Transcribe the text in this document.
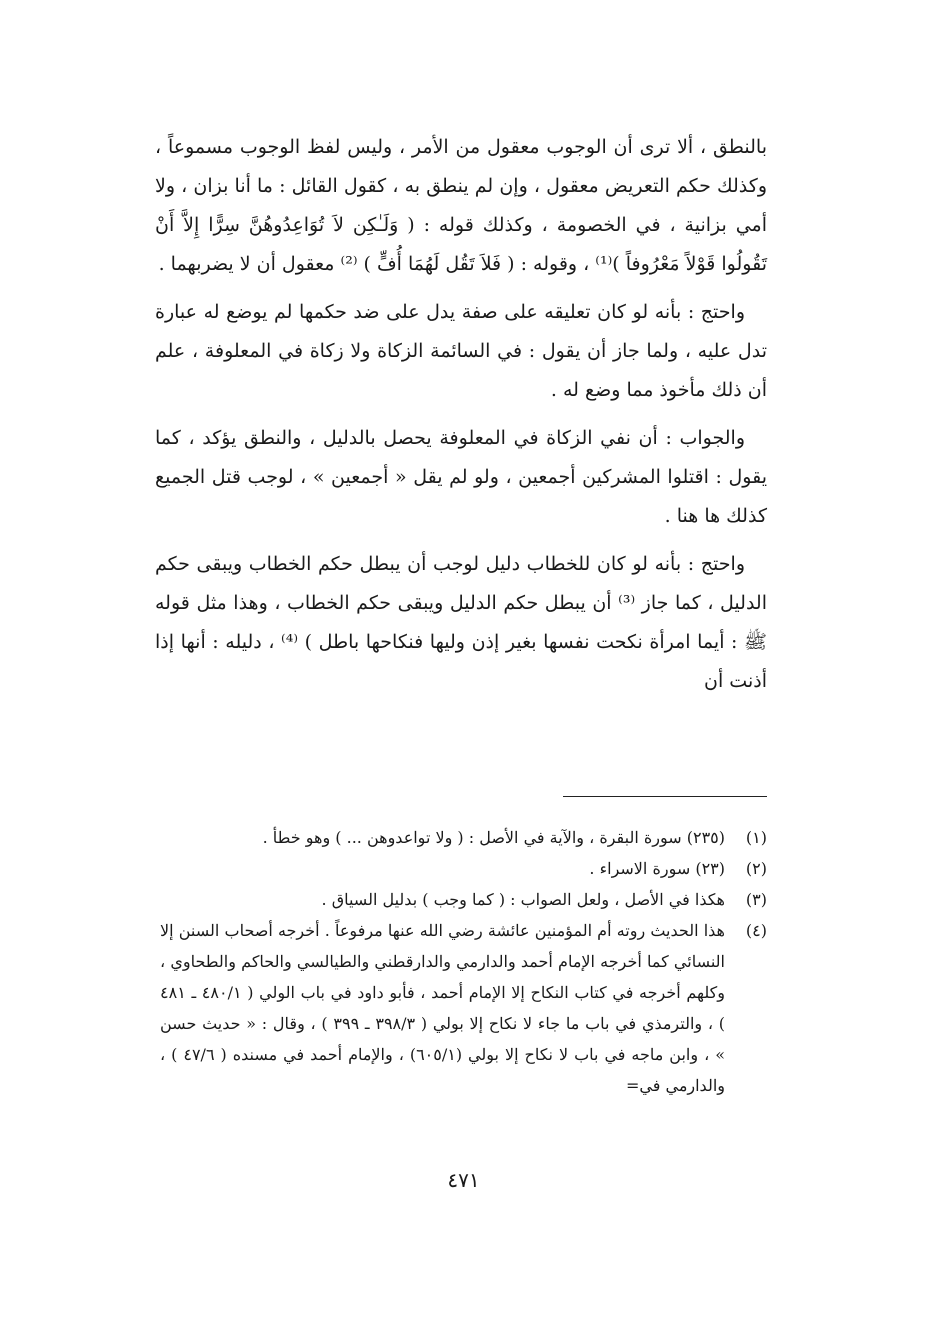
بالنطق ، ألا ترى أن الوجوب معقول من الأمر ، وليس لفظ الوجوب مسموعاً ، وكذلك حكم التعريض معقول ، وإن لم ينطق به ، كقول القائل : ما أنا بزان ، ولا أمي بزانية ، في الخصومة ، وكذلك قوله : ( وَلَـٰكِن لاَ تُوَاعِدُوهُنَّ سِرًّا إِلاَّ أَنْ تَقُولُوا قَوْلاً مَعْرُوفاً )⁽¹⁾ ، وقوله : ( فَلاَ تَقُل لَهُمَا أُفٍّ ) ⁽²⁾ معقول أن لا يضربهما .

واحتج : بأنه لو كان تعليقه على صفة يدل على ضد حكمها لم يوضع له عبارة تدل عليه ، ولما جاز أن يقول : في السائمة الزكاة ولا زكاة في المعلوفة ، علم أن ذلك مأخوذ مما وضع له .

والجواب : أن نفي الزكاة في المعلوفة يحصل بالدليل ، والنطق يؤكد ، كما يقول : اقتلوا المشركين أجمعين ، ولو لم يقل « أجمعين » ، لوجب قتل الجميع كذلك ها هنا .

واحتج : بأنه لو كان للخطاب دليل لوجب أن يبطل حكم الخطاب ويبقى حكم الدليل ، كما جاز ⁽³⁾ أن يبطل حكم الدليل ويبقى حكم الخطاب ، وهذا مثل قوله ﷺ : أيما امرأة نكحت نفسها بغير إذن وليها فنكاحها باطل ) ⁽⁴⁾ ، دليله : أنها إذا أذنت أن

(١)
(٢٣٥) سورة البقرة ، والآية في الأصل : ( ولا تواعدوهن ... ) وهو خطأ .
(٢)
(٢٣) سورة الاسراء .
(٣)
هكذا في الأصل ، ولعل الصواب : ( كما وجب ) بدليل السياق .
(٤)
هذا الحديث روته أم المؤمنين عائشة رضي الله عنها مرفوعاً . أخرجه أصحاب السنن إلا النسائي كما أخرجه الإمام أحمد والدارمي والدارقطني والطيالسي والحاكم والطحاوي ، وكلهم أخرجه في كتاب النكاح إلا الإمام أحمد ، فأبو داود في باب الولي ( ٤٨٠/١ ـ ٤٨١ ) ، والترمذي في باب ما جاء لا نكاح إلا بولي ( ٣٩٨/٣ ـ ٣٩٩ ) ، وقال : « حديث حسن » ، وابن ماجه في باب لا نكاح إلا بولي (٦٠٥/١) ، والإمام أحمد في مسنده ( ٤٧/٦ ) ، والدارمي في=
٤٧١
